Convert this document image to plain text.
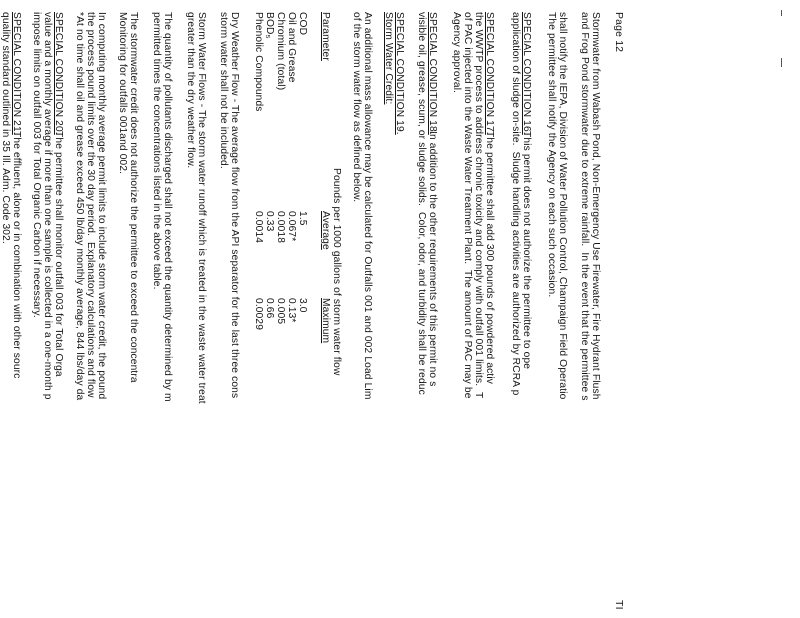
Page 12
TI
Stormwater from Wabash Pond, Non-Emergency Use Firewater, Fire Hydrant Flush
and Frog Pond stormwater due to extreme rainfall.  In the event that the permittee s
shall notify the IEPA, Division of Water Pollution Control, Champaign Field Operatio
The permittee shall notify the Agency on each such occasion.
SPECIAL CONDITION 16.
This permit does not authorize the permittee to ope
application of sludge on-site.  Sludge handling activities are authorized by RCRA p
SPECIAL CONDITION 17.
The permittee shall add 300 pounds of powdered activ
the WWTP process to address chronic toxicity and comply with outfall 001 limits.  T
of PAC injected into the Waste Water Treatment Plant.  The amount of PAC may be
Agency approval.
SPECIAL CONDITION 18.
In addition to the other requirements of this permit no s
visible oil, grease, scum, or sludge solids.  Color, odor, and turbidity shall be reduc
SPECIAL CONDITION 19.
Storm Water Credit:
An additional mass allowance may be calculated for Outfalls 001 and 002 Load Lim
of the storm water flow as defined below.
Pounds per 1000 gallons of storm water flow
Parameter
Average
Maximum
COD
1.5
3.0
Oil and Grease
0.067*
0.13*
Chromium (total)
0.0018
0.005
BOD₅
0.33
0.66
Phenolic Compounds
0.0014
0.0029
Dry Weather Flow - The average flow from the API separator for the last three cons
storm water shall not be included.
Storm Water Flows - The storm water runoff which is treated in the waste water treat
greater than the dry weather flow.
The quantity of pollutants discharged shall not exceed the quantity determined by m
permitted times the concentrations listed in the above table.
The stormwater credit does not authorize the permittee to exceed the concentra
Monitoring for outfalls 001and 002.
In computing monthly average permit limits to include storm water credit, the pound
the process pound limits over the 30 day period.  Explanatory calculations and flow
*At no time shall oil and grease exceed 450 lb/day monthly average, 844 lbs/day da
SPECIAL CONDITION 20.
The permittee shall monitor outfall 003 for Total Orga
value and a monthly average if more than one sample is collected in a one-month p
impose limits on outfall 003 for Total Organic Carbon if necessary.
SPECIAL CONDITION 21.
The effluent, alone or in combination with other sourc
quality standard outlined in 35 Ill. Adm. Code 302.
